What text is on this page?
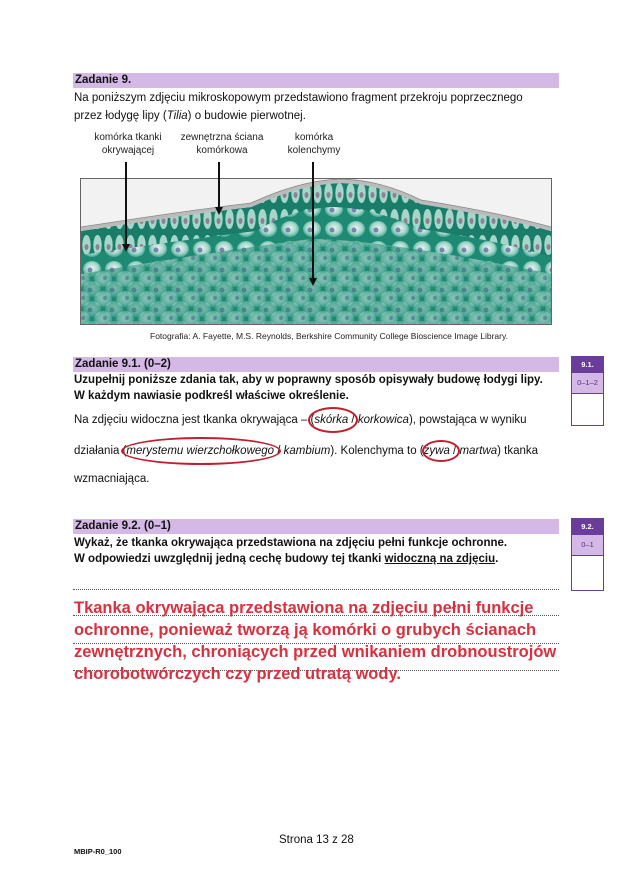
Zadanie 9.
Na poniższym zdjęciu mikroskopowym przedstawiono fragment przekroju poprzecznego
przez łodygę lipy (Tilia) o budowie pierwotnej.
komórka tkanki
okrywającej
zewnętrzna ściana
komórkowa
komórka
kolenchymy
Fotografia: A. Fayette, M.S. Reynolds, Berkshire Community College Bioscience Image Library.
Zadanie 9.1. (0–2)
Uzupełnij poniższe zdania tak, aby w poprawny sposób opisywały budowę łodygi lipy.
W każdym nawiasie podkreśl właściwe określenie.
9.1.
0–1–2
Na zdjęciu widoczna jest tkanka okrywająca – (skórka / korkowica), powstająca w wyniku
działania (merystemu wierzchołkowego / kambium). Kolenchyma to (żywa / martwa) tkanka
wzmacniająca.
Zadanie 9.2. (0–1)
Wykaż, że tkanka okrywająca przedstawiona na zdjęciu pełni funkcje ochronne.
W odpowiedzi uwzględnij jedną cechę budowy tej tkanki widoczną na zdjęciu.
9.2.
0–1
Tkanka okrywająca przedstawiona na zdjęciu pełni funkcje
ochronne, ponieważ tworzą ją komórki o grubych ścianach
zewnętrznych, chroniących przed wnikaniem drobnoustrojów
chorobotwórczych czy przed utratą wody.
Strona 13 z 28
MBIP-R0_100
